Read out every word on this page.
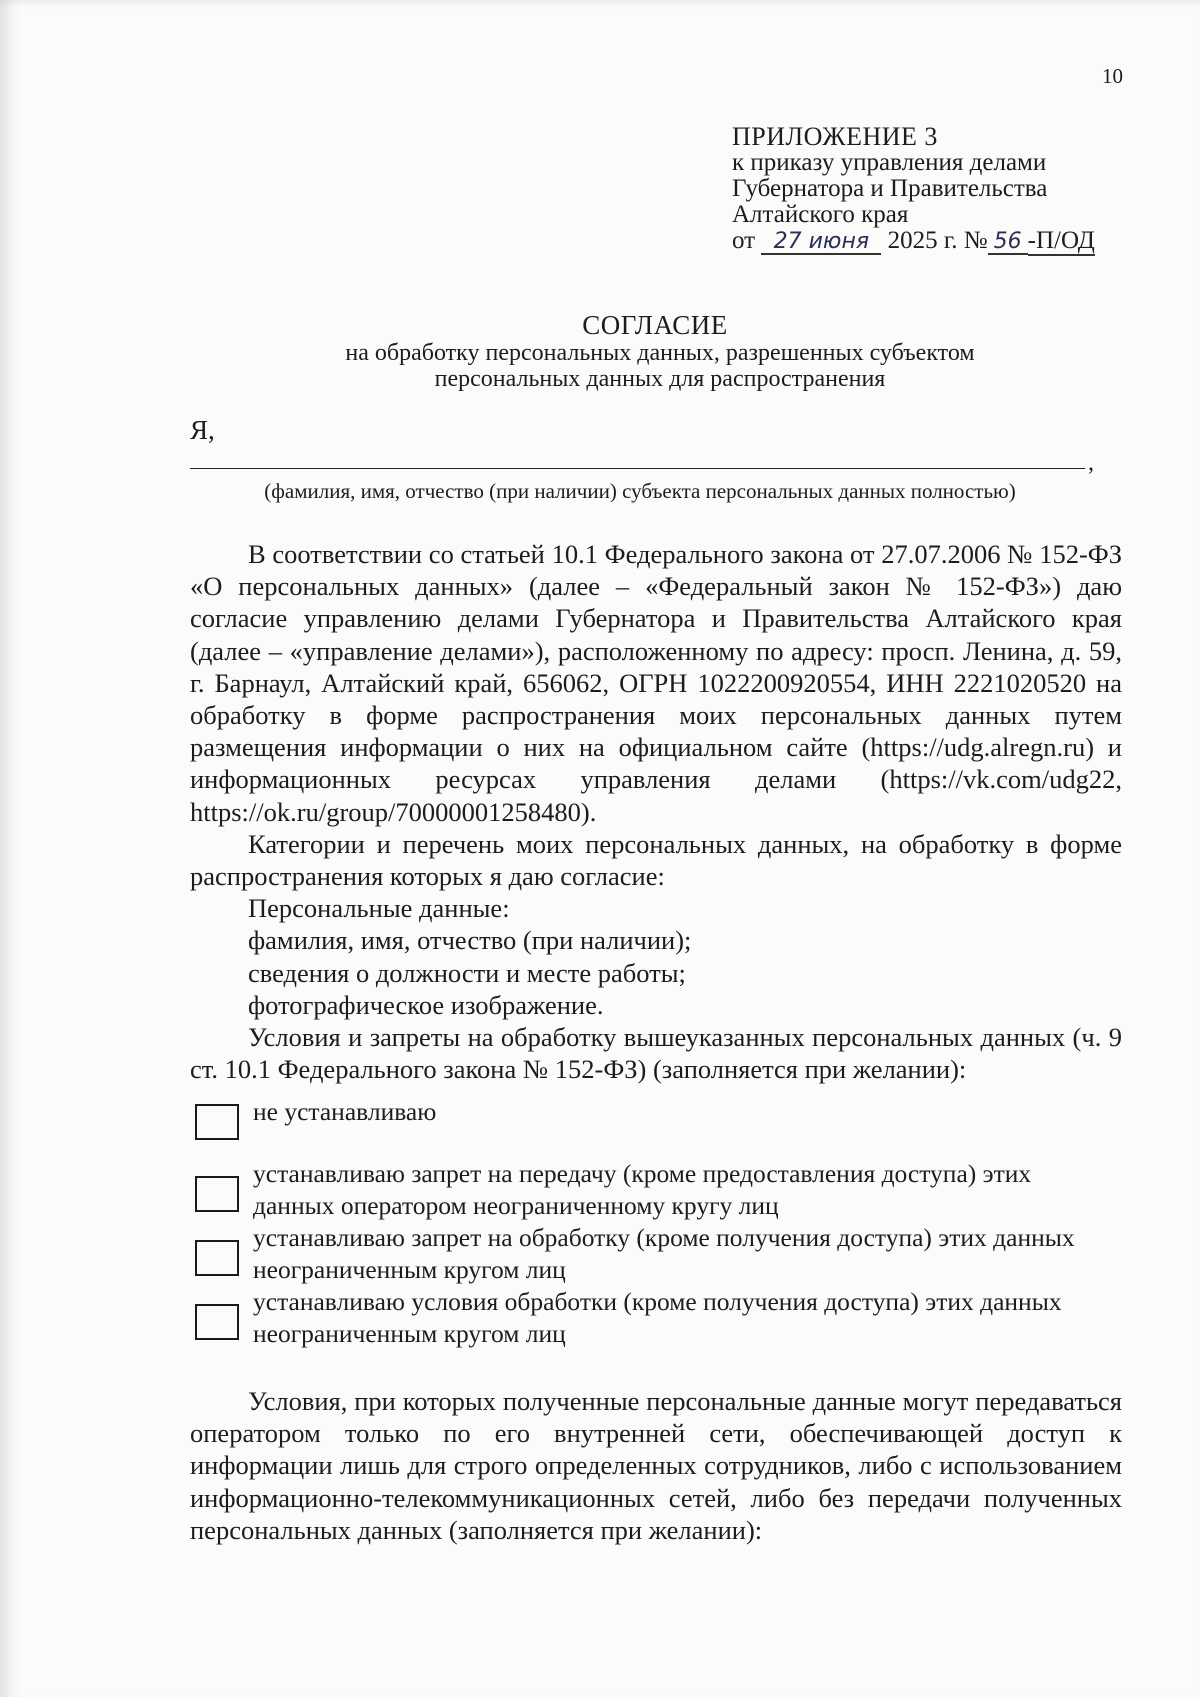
10
ПРИЛОЖЕНИЕ 3
к приказу управления делами
Губернатора и Правительства
Алтайского края
от 27 июня 2025 г. № 56 -П/ОД
СОГЛАСИЕ
на обработку персональных данных, разрешенных субъектом
персональных данных для распространения
Я,
,
(фамилия, имя, отчество (при наличии) субъекта персональных данных полностью)

В соответствии со статьей 10.1 Федерального закона от 27.07.2006 № 152-ФЗ «О персональных данных» (далее – «Федеральный закон № 152-ФЗ») даю согласие управлению делами Губернатора и Правительства Алтайского края (далее – «управление делами»), расположенному по адресу: просп. Ленина, д. 59, г. Барнаул, Алтайский край, 656062, ОГРН 1022200920554, ИНН 2221020520 на обработку в форме распространения моих персональных данных путем размещения информации о них на официальном сайте (https://udg.alregn.ru) и информационных ресурсах управления делами (https://vk.com/udg22, https://ok.ru/group/70000001258480).

Категории и перечень моих персональных данных, на обработку в форме распространения которых я даю согласие:

Персональные данные:

фамилия, имя, отчество (при наличии);

сведения о должности и месте работы;

фотографическое изображение.

Условия и запреты на обработку вышеуказанных персональных данных (ч. 9 ст. 10.1 Федерального закона № 152-ФЗ) (заполняется при желании):

не устанавливаю
устанавливаю запрет на передачу (кроме предоставления доступа) этих данных оператором неограниченному кругу лиц
устанавливаю запрет на обработку (кроме получения доступа) этих данных неограниченным кругом лиц
устанавливаю условия обработки (кроме получения доступа) этих данных неограниченным кругом лиц

Условия, при которых полученные персональные данные могут передаваться оператором только по его внутренней сети, обеспечивающей доступ к информации лишь для строго определенных сотрудников, либо с использованием информационно-телекоммуникационных сетей, либо без передачи полученных персональных данных (заполняется при желании):
